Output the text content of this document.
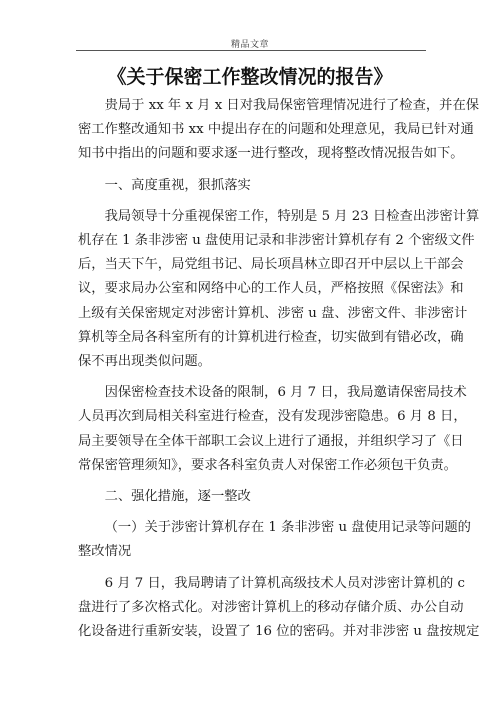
精品文章
《关于保密工作整改情况的报告》
贵局于 xx 年 x 月 x 日对我局保密管理情况进行了检查，并在保
密工作整改通知书 xx 中提出存在的问题和处理意见，我局已针对通
知书中指出的问题和要求逐一进行整改，现将整改情况报告如下。
一、高度重视，狠抓落实
我局领导十分重视保密工作，特别是 5 月 23 日检查出涉密计算
机存在 1 条非涉密 u 盘使用记录和非涉密计算机存有 2 个密级文件
后，当天下午，局党组书记、局长项昌林立即召开中层以上干部会
议，要求局办公室和网络中心的工作人员，严格按照《保密法》和
上级有关保密规定对涉密计算机、涉密 u 盘、涉密文件、非涉密计
算机等全局各科室所有的计算机进行检查，切实做到有错必改，确
保不再出现类似问题。
因保密检查技术设备的限制，6 月 7 日，我局邀请保密局技术
人员再次到局相关科室进行检查，没有发现涉密隐患。6 月 8 日，
局主要领导在全体干部职工会议上进行了通报，并组织学习了《日
常保密管理须知》，要求各科室负责人对保密工作必须包干负责。
二、强化措施，逐一整改
（一）关于涉密计算机存在 1 条非涉密 u 盘使用记录等问题的
整改情况
6 月 7 日，我局聘请了计算机高级技术人员对涉密计算机的 c
盘进行了多次格式化。对涉密计算机上的移动存储介质、办公自动
化设备进行重新安装，设置了 16 位的密码。并对非涉密 u 盘按规定
